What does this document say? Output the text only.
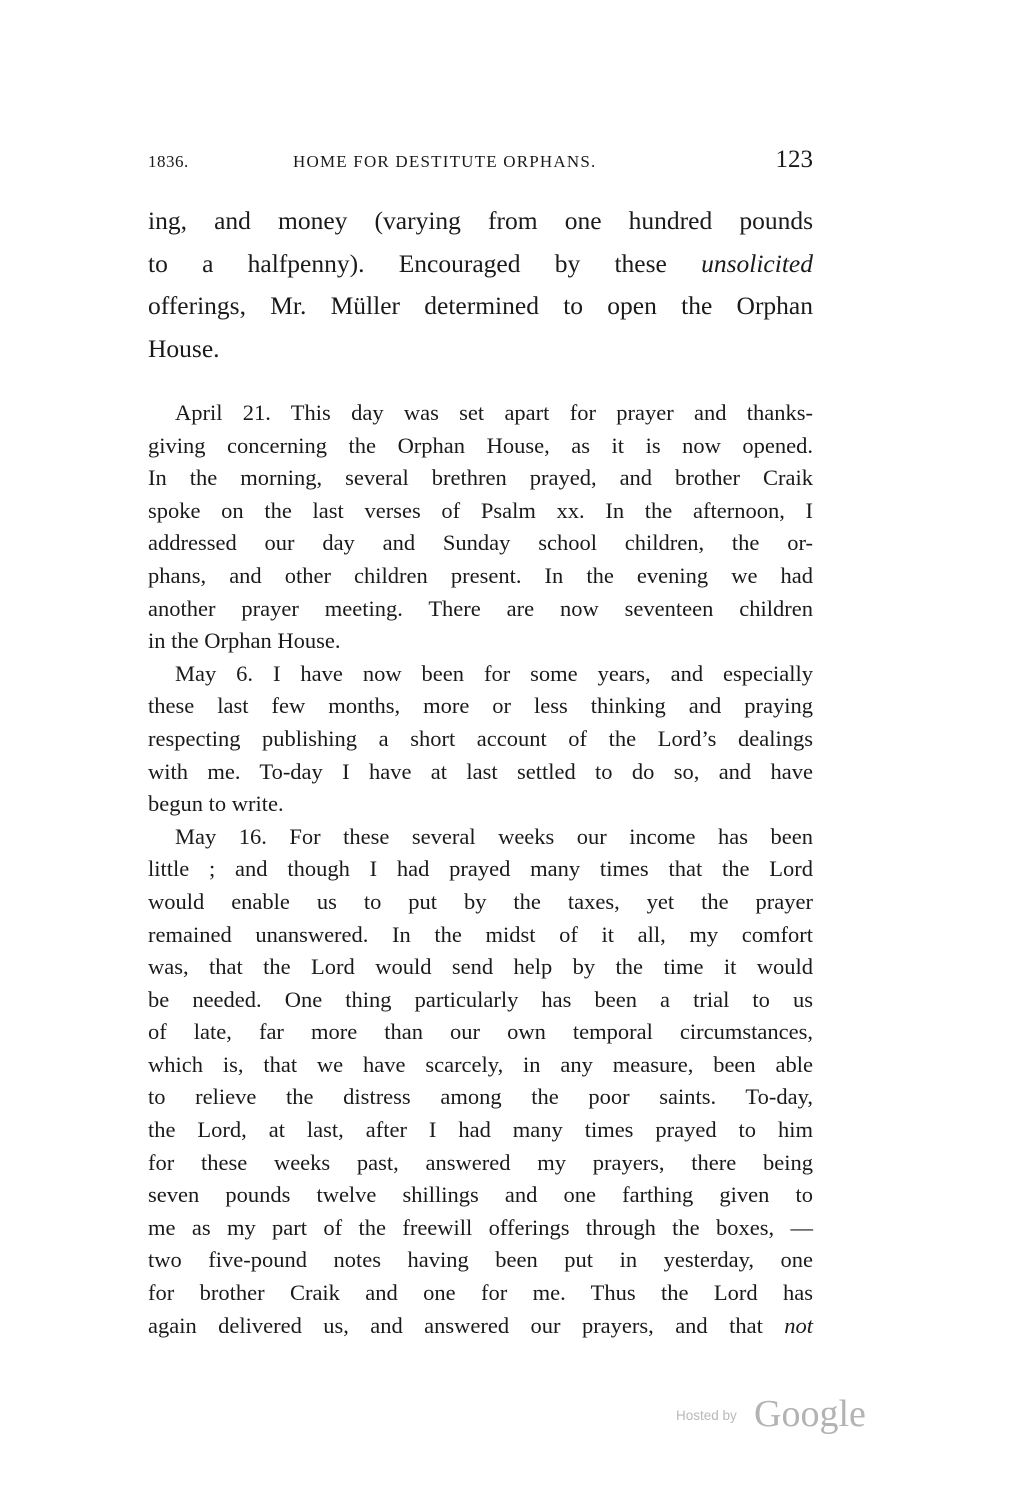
1836.	HOME FOR DESTITUTE ORPHANS.	123
ing, and money (varying from one hundred pounds
to a halfpenny). Encouraged by these unsolicited
offerings, Mr. Müller determined to open the Orphan
House.

April 21. This day was set apart for prayer and thanks-
giving concerning the Orphan House, as it is now opened.
In the morning, several brethren prayed, and brother Craik
spoke on the last verses of Psalm xx. In the afternoon, I
addressed our day and Sunday school children, the or-
phans, and other children present. In the evening we had
another prayer meeting. There are now seventeen children
in the Orphan House.

May 6. I have now been for some years, and especially
these last few months, more or less thinking and praying
respecting publishing a short account of the Lord’s dealings
with me. To-day I have at last settled to do so, and have
begun to write.

May 16. For these several weeks our income has been
little ; and though I had prayed many times that the Lord
would enable us to put by the taxes, yet the prayer
remained unanswered. In the midst of it all, my comfort
was, that the Lord would send help by the time it would
be needed. One thing particularly has been a trial to us
of late, far more than our own temporal circumstances,
which is, that we have scarcely, in any measure, been able
to relieve the distress among the poor saints. To-day,
the Lord, at last, after I had many times prayed to him
for these weeks past, answered my prayers, there being
seven pounds twelve shillings and one farthing given to
me as my part of the freewill offerings through the boxes, —
two five-pound notes having been put in yesterday, one
for brother Craik and one for me. Thus the Lord has
again delivered us, and answered our prayers, and that not

Hosted by Google
